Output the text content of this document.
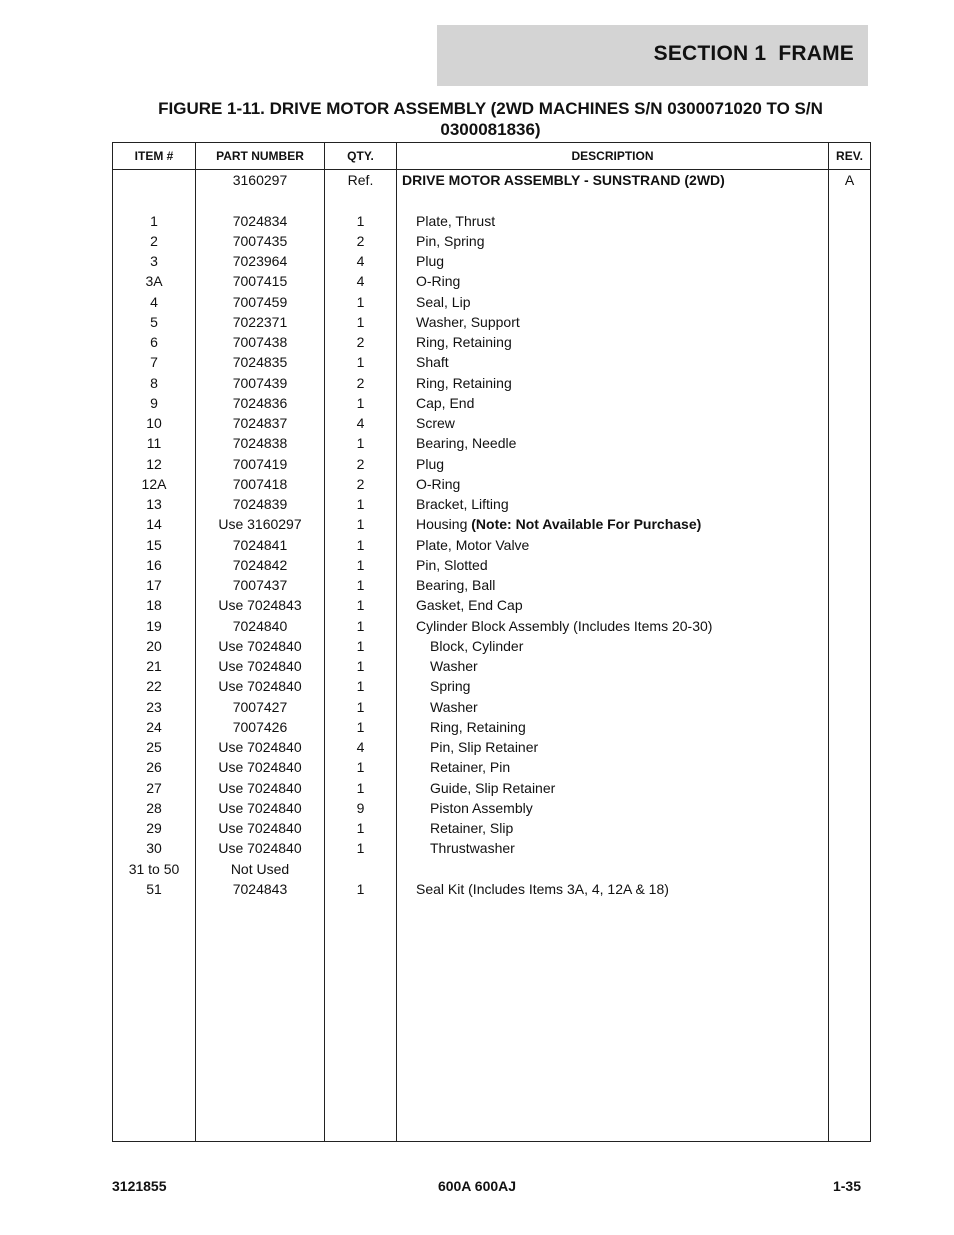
SECTION 1  FRAME
FIGURE 1-11. DRIVE MOTOR ASSEMBLY (2WD MACHINES S/N 0300071020 TO S/N 0300081836)
ITEM #	PART NUMBER	QTY.	DESCRIPTION	REV.
	3160297	Ref.	DRIVE MOTOR ASSEMBLY - SUNSTRAND (2WD)	A

1	7024834	1	Plate, Thrust	
2	7007435	2	Pin, Spring	
3	7023964	4	Plug	
3A	7007415	4	O-Ring	
4	7007459	1	Seal, Lip	
5	7022371	1	Washer, Support	
6	7007438	2	Ring, Retaining	
7	7024835	1	Shaft	
8	7007439	2	Ring, Retaining	
9	7024836	1	Cap, End	
10	7024837	4	Screw	
11	7024838	1	Bearing, Needle	
12	7007419	2	Plug	
12A	7007418	2	O-Ring	
13	7024839	1	Bracket, Lifting	
14	Use 3160297	1	Housing (Note: Not Available For Purchase)	
15	7024841	1	Plate, Motor Valve	
16	7024842	1	Pin, Slotted	
17	7007437	1	Bearing, Ball	
18	Use 7024843	1	Gasket, End Cap	
19	7024840	1	Cylinder Block Assembly (Includes Items 20-30)	
20	Use 7024840	1	Block, Cylinder	
21	Use 7024840	1	Washer	
22	Use 7024840	1	Spring	
23	7007427	1	Washer	
24	7007426	1	Ring, Retaining	
25	Use 7024840	4	Pin, Slip Retainer	
26	Use 7024840	1	Retainer, Pin	
27	Use 7024840	1	Guide, Slip Retainer	
28	Use 7024840	9	Piston Assembly	
29	Use 7024840	1	Retainer, Slip	
30	Use 7024840	1	Thrustwasher	
31 to 50	Not Used			
51	7024843	1	Seal Kit (Includes Items 3A, 4, 12A & 18)	

3121855	600A 600AJ	1-35
